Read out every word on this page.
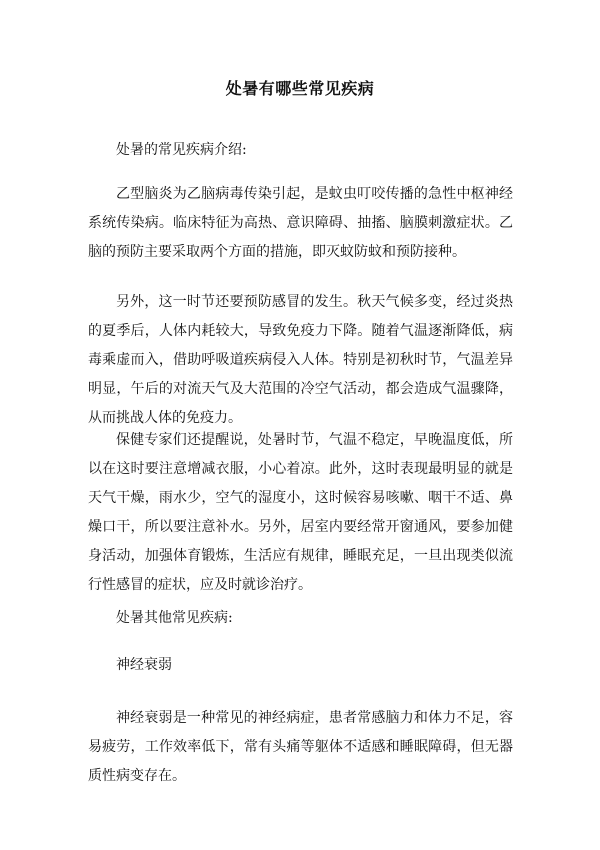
处暑有哪些常见疾病
处暑的常见疾病介绍:

乙型脑炎为乙脑病毒传染引起，是蚊虫叮咬传播的急性中枢神经系统传染病。临床特征为高热、意识障碍、抽搐、脑膜刺激症状。乙脑的预防主要采取两个方面的措施，即灭蚊防蚊和预防接种。

另外，这一时节还要预防感冒的发生。秋天气候多变，经过炎热的夏季后，人体内耗较大，导致免疫力下降。随着气温逐渐降低，病毒乘虚而入，借助呼吸道疾病侵入人体。特别是初秋时节，气温差异明显，午后的对流天气及大范围的冷空气活动，都会造成气温骤降，从而挑战人体的免疫力。

保健专家们还提醒说，处暑时节，气温不稳定，早晚温度低，所以在这时要注意增减衣服，小心着凉。此外，这时表现最明显的就是天气干燥，雨水少，空气的湿度小，这时候容易咳嗽、咽干不适、鼻燥口干，所以要注意补水。另外，居室内要经常开窗通风，要参加健身活动，加强体育锻炼，生活应有规律，睡眠充足，一旦出现类似流行性感冒的症状，应及时就诊治疗。

处暑其他常见疾病:
神经衰弱

神经衰弱是一种常见的神经病症，患者常感脑力和体力不足，容易疲劳，工作效率低下，常有头痛等躯体不适感和睡眠障碍，但无器质性病变存在。
